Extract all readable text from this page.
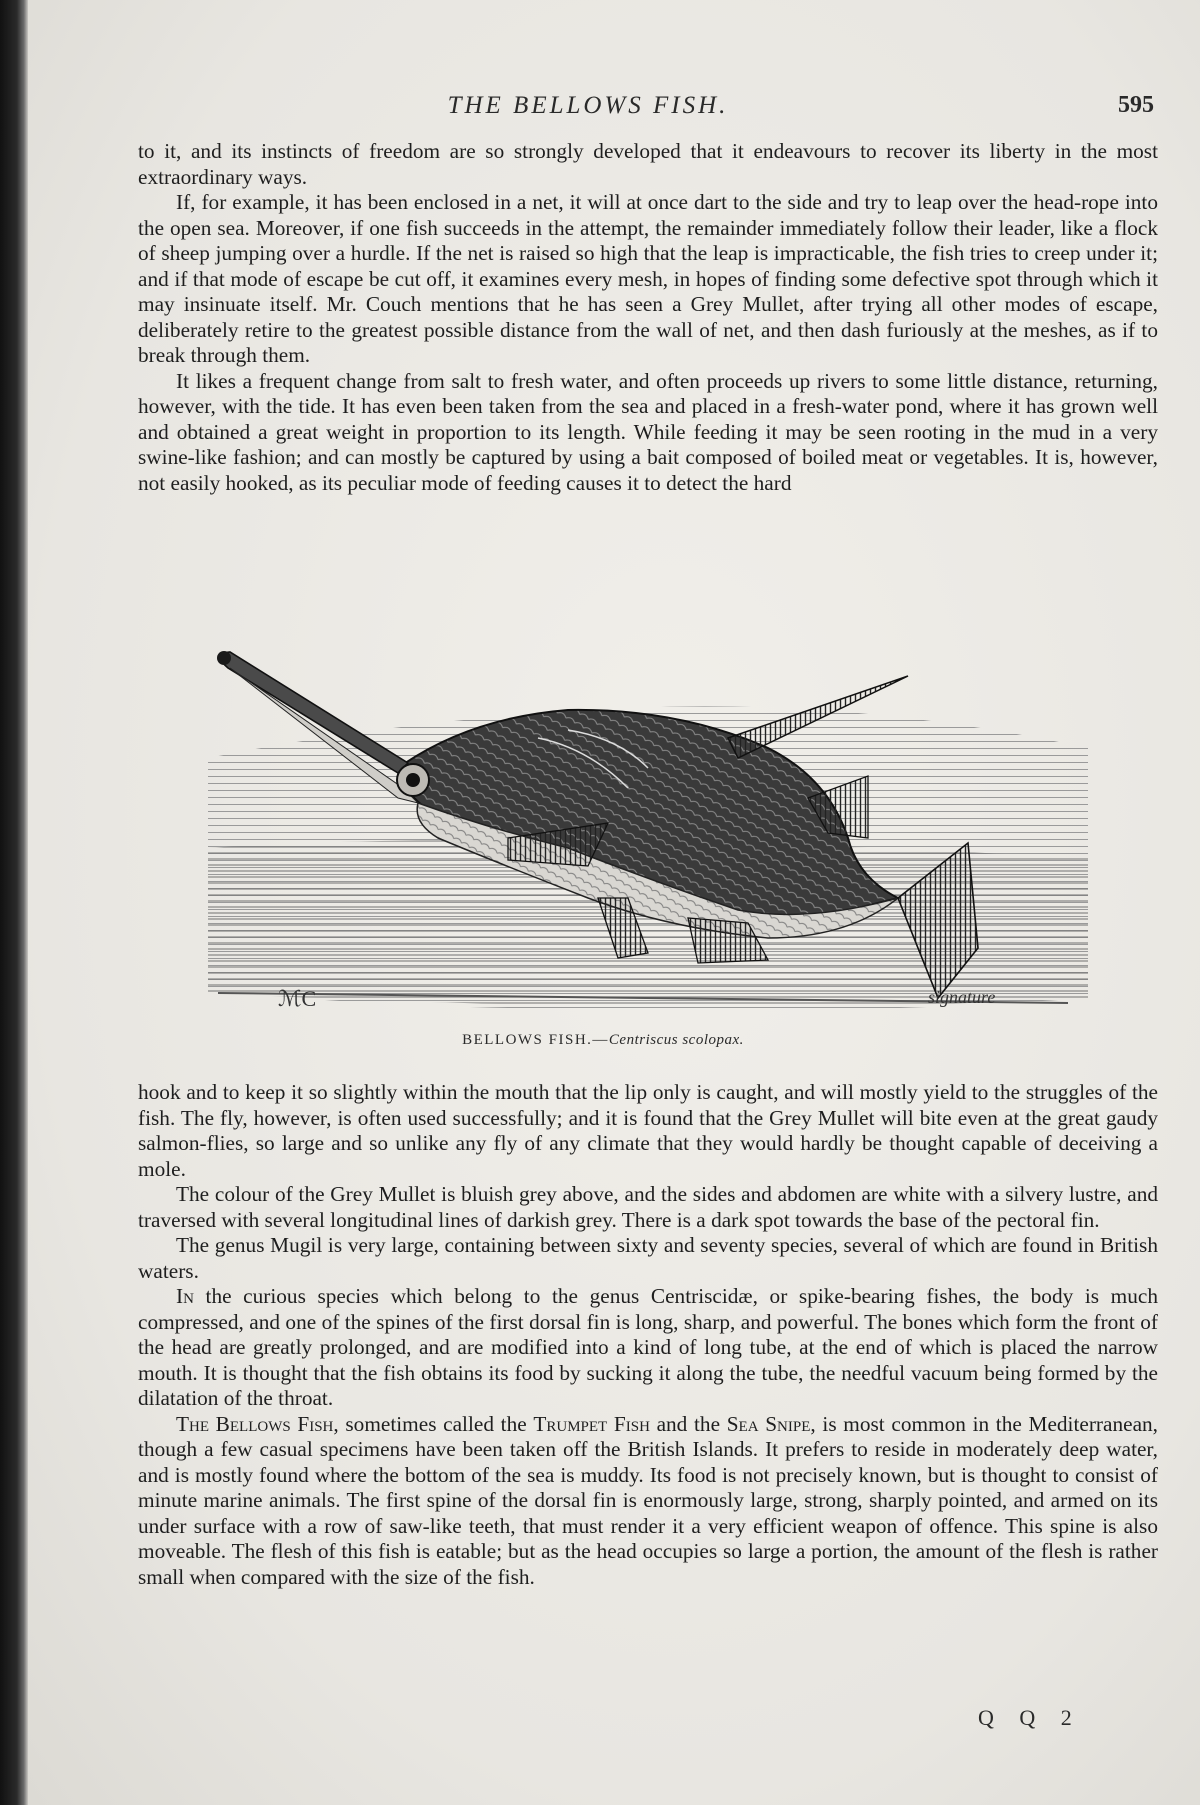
THE BELLOWS FISH.	595

to it, and its instincts of freedom are so strongly developed that it endeavours to recover its liberty in the most extraordinary ways.

If, for example, it has been enclosed in a net, it will at once dart to the side and try to leap over the head-rope into the open sea. Moreover, if one fish succeeds in the attempt, the remainder immediately follow their leader, like a flock of sheep jumping over a hurdle. If the net is raised so high that the leap is impracticable, the fish tries to creep under it; and if that mode of escape be cut off, it examines every mesh, in hopes of finding some defective spot through which it may insinuate itself. Mr. Couch mentions that he has seen a Grey Mullet, after trying all other modes of escape, deliberately retire to the greatest possible distance from the wall of net, and then dash furiously at the meshes, as if to break through them.

It likes a frequent change from salt to fresh water, and often proceeds up rivers to some little distance, returning, however, with the tide. It has even been taken from the sea and placed in a fresh-water pond, where it has grown well and obtained a great weight in proportion to its length. While feeding it may be seen rooting in the mud in a very swine-like fashion; and can mostly be captured by using a bait composed of boiled meat or vegetables. It is, however, not easily hooked, as its peculiar mode of feeding causes it to detect the hard

ℳC	signature
BELLOWS FISH.—Centriscus scolopax.

hook and to keep it so slightly within the mouth that the lip only is caught, and will mostly yield to the struggles of the fish. The fly, however, is often used successfully; and it is found that the Grey Mullet will bite even at the great gaudy salmon-flies, so large and so unlike any fly of any climate that they would hardly be thought capable of deceiving a mole.

The colour of the Grey Mullet is bluish grey above, and the sides and abdomen are white with a silvery lustre, and traversed with several longitudinal lines of darkish grey. There is a dark spot towards the base of the pectoral fin.

The genus Mugil is very large, containing between sixty and seventy species, several of which are found in British waters.

In the curious species which belong to the genus Centriscidæ, or spike-bearing fishes, the body is much compressed, and one of the spines of the first dorsal fin is long, sharp, and powerful. The bones which form the front of the head are greatly prolonged, and are modified into a kind of long tube, at the end of which is placed the narrow mouth. It is thought that the fish obtains its food by sucking it along the tube, the needful vacuum being formed by the dilatation of the throat.

The Bellows Fish, sometimes called the Trumpet Fish and the Sea Snipe, is most common in the Mediterranean, though a few casual specimens have been taken off the British Islands. It prefers to reside in moderately deep water, and is mostly found where the bottom of the sea is muddy. Its food is not precisely known, but is thought to consist of minute marine animals. The first spine of the dorsal fin is enormously large, strong, sharply pointed, and armed on its under surface with a row of saw-like teeth, that must render it a very efficient weapon of offence. This spine is also moveable. The flesh of this fish is eatable; but as the head occupies so large a portion, the amount of the flesh is rather small when compared with the size of the fish.

Q Q 2
